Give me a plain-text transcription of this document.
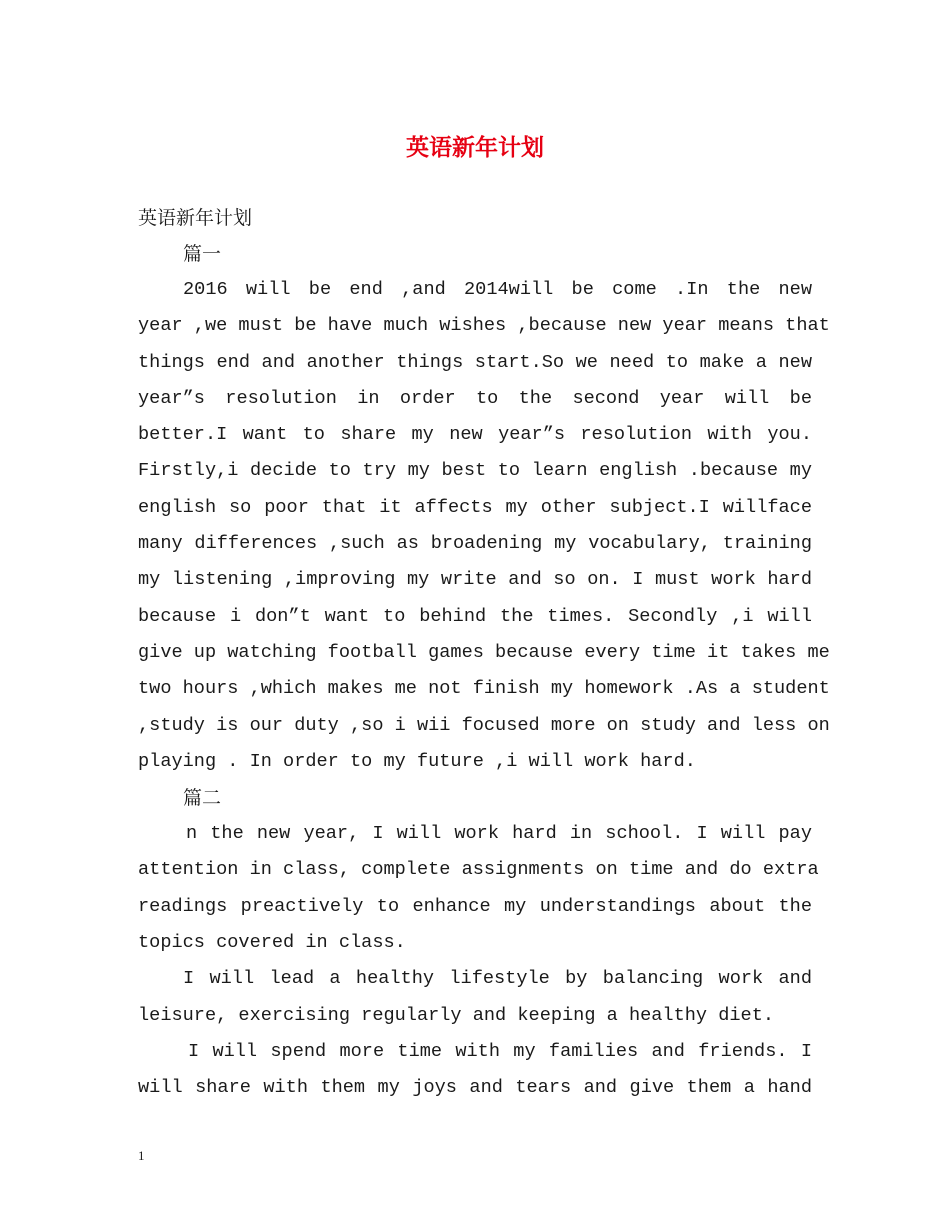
英语新年计划
英语新年计划
篇一
2016 will be end ,and 2014will be come .In the new
year ,we must be have much wishes ,because new year means that
things end and another things start.So we need to make a new
year”s resolution in order to the second year will be
better.I want to share my new year”s resolution with you.
Firstly,i decide to try my best to learn english .because my
english so poor that it affects my other subject.I willface
many differences ,such as broadening my vocabulary, training
my listening ,improving my write and so on. I must work hard
because i don”t want to behind the times. Secondly ,i will
give up watching football games because every time it takes me
two hours ,which makes me not finish my homework .As a student
,study is our duty ,so i wii focused more on study and less on
playing . In order to my future ,i will work hard.
篇二
n the new year, I will work hard in school. I will pay
attention in class, complete assignments on time and do extra
readings preactively to enhance my understandings about the
topics covered in class.
I will lead a healthy lifestyle by balancing work and
leisure, exercising regularly and keeping a healthy diet.
I will spend more time with my families and friends. I
will share with them my joys and tears and give them a hand
1
